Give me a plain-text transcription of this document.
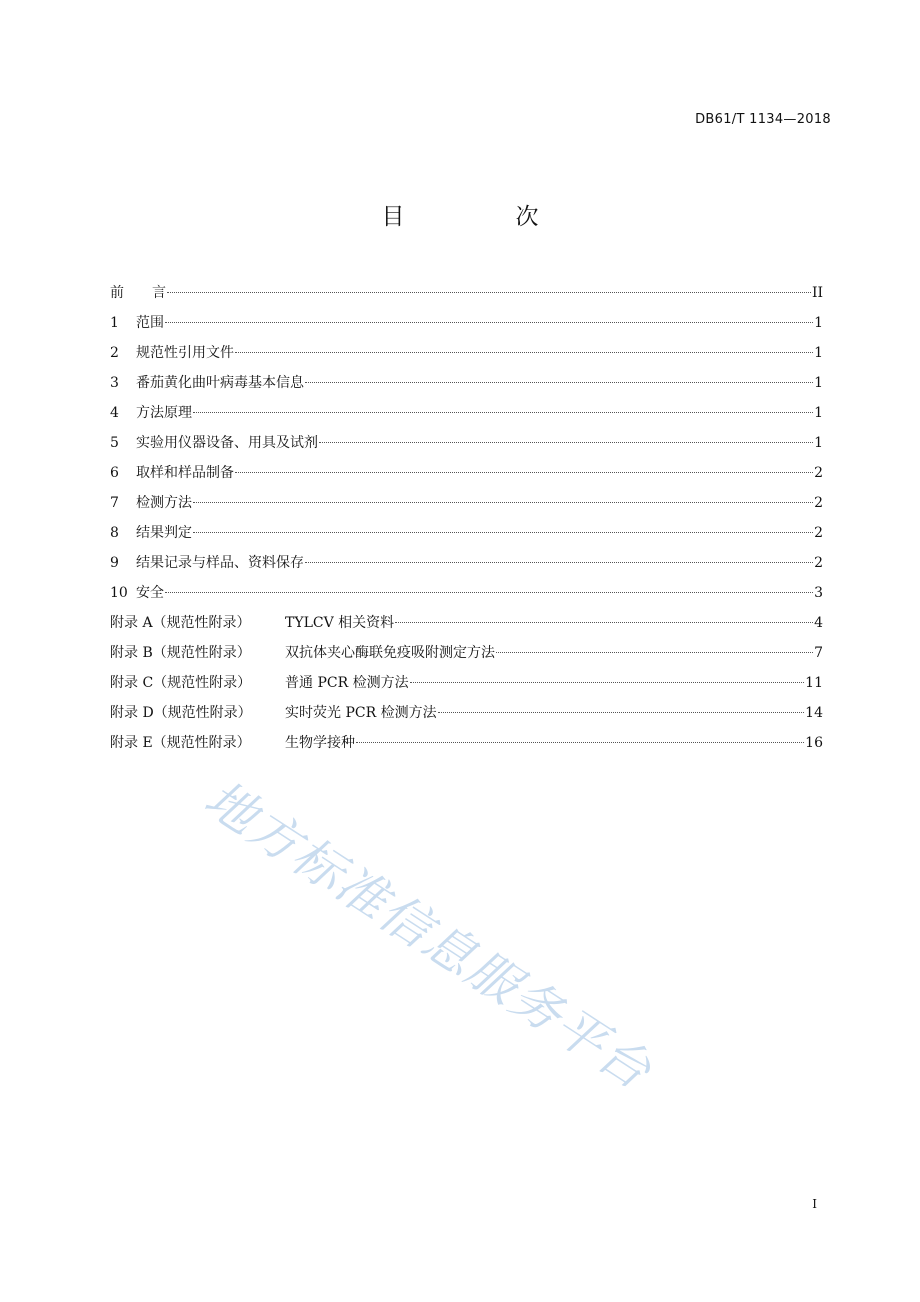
DB61/T 1134—2018
目　次
前　　言	II
1	范围	1
2	规范性引用文件	1
3	番茄黄化曲叶病毒基本信息	1
4	方法原理	1
5	实验用仪器设备、用具及试剂	1
6	取样和样品制备	2
7	检测方法	2
8	结果判定	2
9	结果记录与样品、资料保存	2
10 安全	3
附录 A（规范性附录）	TYLCV 相关资料	4
附录 B（规范性附录）	双抗体夹心酶联免疫吸附测定方法	7
附录 C（规范性附录）	普通 PCR 检测方法	11
附录 D（规范性附录）	实时荧光 PCR 检测方法	14
附录 E（规范性附录）	生物学接种	16
地方标准信息服务平台
I
